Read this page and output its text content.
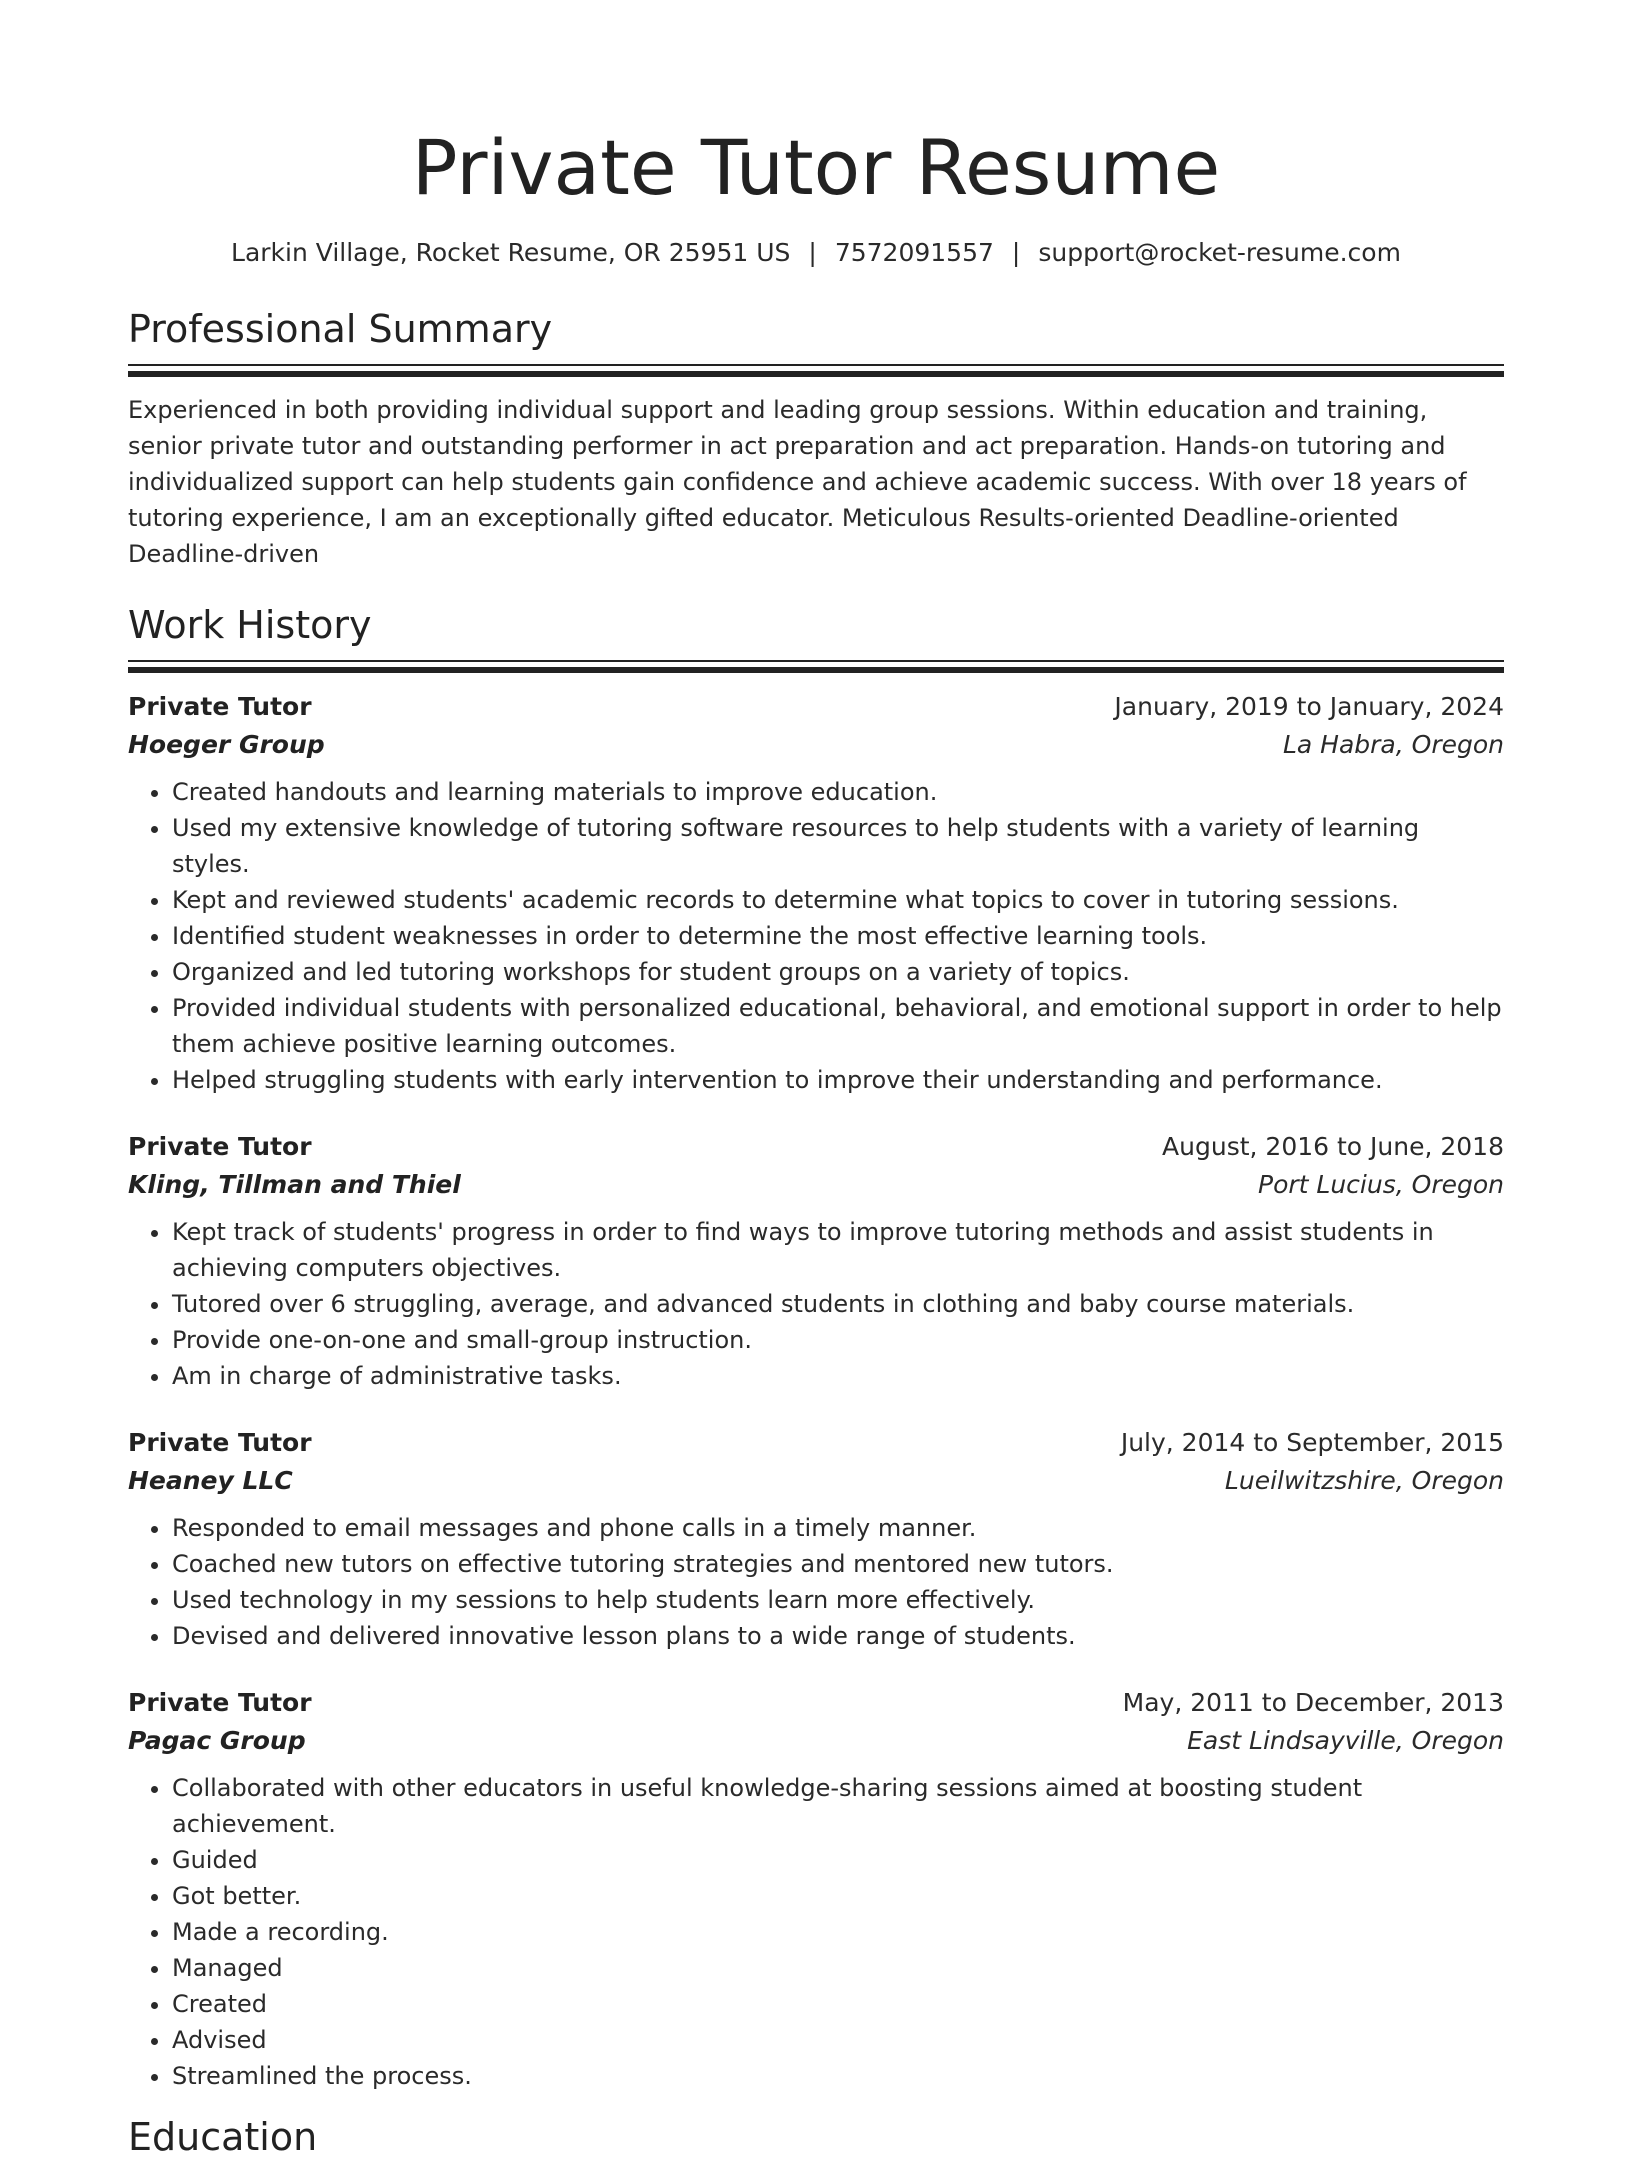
Private Tutor Resume
Larkin Village, Rocket Resume, OR 25951 US | 7572091557 | support@rocket-resume.com
Professional Summary

Experienced in both providing individual support and leading group sessions. Within education and training, senior private tutor and outstanding performer in act preparation and act preparation. Hands-on tutoring and individualized support can help students gain confidence and achieve academic success. With over 18 years of tutoring experience, I am an exceptionally gifted educator. Meticulous Results-oriented Deadline-oriented Deadline-driven

Work History
Private Tutor	January, 2019 to January, 2024
Hoeger Group	La Habra, Oregon
• Created handouts and learning materials to improve education.
• Used my extensive knowledge of tutoring software resources to help students with a variety of learning styles.
• Kept and reviewed students' academic records to determine what topics to cover in tutoring sessions.
• Identified student weaknesses in order to determine the most effective learning tools.
• Organized and led tutoring workshops for student groups on a variety of topics.
• Provided individual students with personalized educational, behavioral, and emotional support in order to help them achieve positive learning outcomes.
• Helped struggling students with early intervention to improve their understanding and performance.
Private Tutor	August, 2016 to June, 2018
Kling, Tillman and Thiel	Port Lucius, Oregon
• Kept track of students' progress in order to find ways to improve tutoring methods and assist students in achieving computers objectives.
• Tutored over 6 struggling, average, and advanced students in clothing and baby course materials.
• Provide one-on-one and small-group instruction.
• Am in charge of administrative tasks.
Private Tutor	July, 2014 to September, 2015
Heaney LLC	Lueilwitzshire, Oregon
• Responded to email messages and phone calls in a timely manner.
• Coached new tutors on effective tutoring strategies and mentored new tutors.
• Used technology in my sessions to help students learn more effectively.
• Devised and delivered innovative lesson plans to a wide range of students.
Private Tutor	May, 2011 to December, 2013
Pagac Group	East Lindsayville, Oregon
• Collaborated with other educators in useful knowledge-sharing sessions aimed at boosting student achievement.
• Guided
• Got better.
• Made a recording.
• Managed
• Created
• Advised
• Streamlined the process.
Education
